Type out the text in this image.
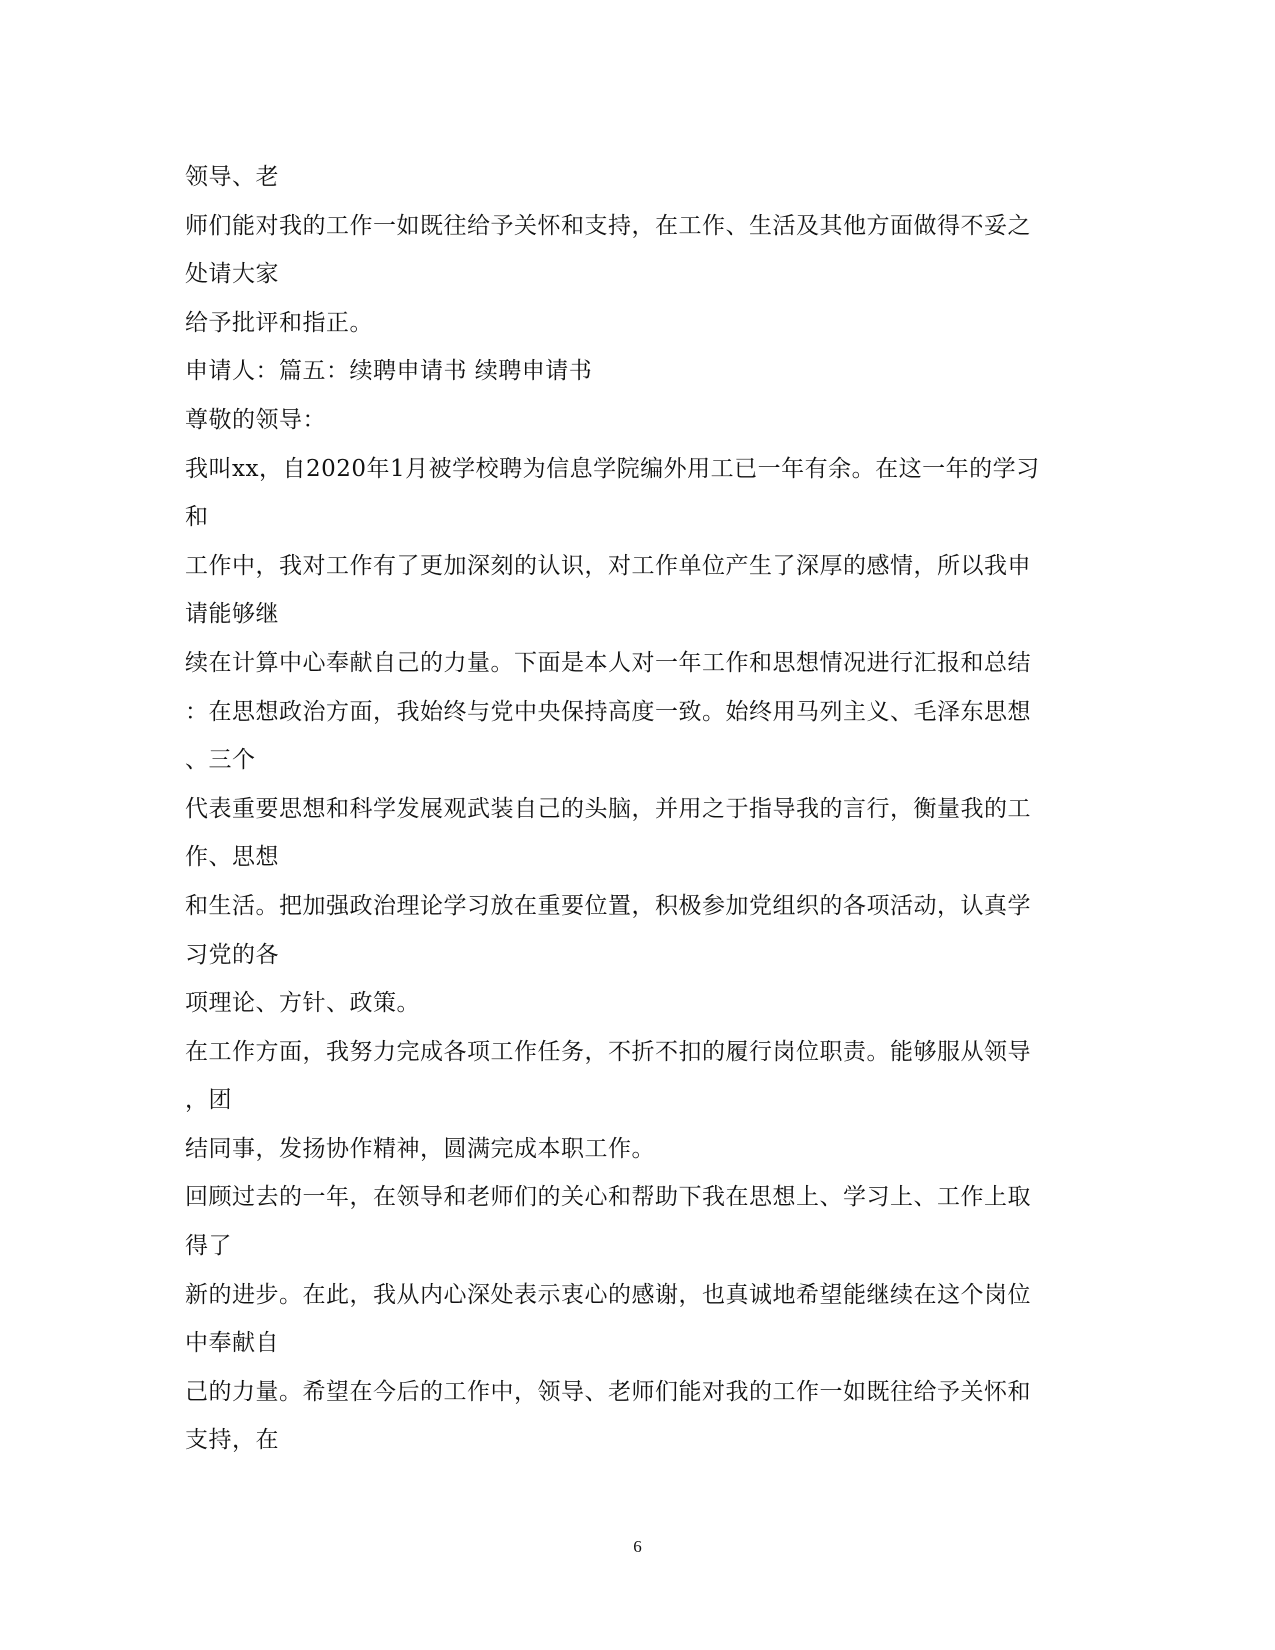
领导、老
师们能对我的工作一如既往给予关怀和支持，在工作、生活及其他方面做得不妥之
处请大家
给予批评和指正。
申请人：篇五：续聘申请书 续聘申请书
尊敬的领导：
我叫xx，自2020年1月被学校聘为信息学院编外用工已一年有余。在这一年的学习
和
工作中，我对工作有了更加深刻的认识，对工作单位产生了深厚的感情，所以我申
请能够继
续在计算中心奉献自己的力量。下面是本人对一年工作和思想情况进行汇报和总结
：在思想政治方面，我始终与党中央保持高度一致。始终用马列主义、毛泽东思想
、三个
代表重要思想和科学发展观武装自己的头脑，并用之于指导我的言行，衡量我的工
作、思想
和生活。把加强政治理论学习放在重要位置，积极参加党组织的各项活动，认真学
习党的各
项理论、方针、政策。
在工作方面，我努力完成各项工作任务，不折不扣的履行岗位职责。能够服从领导
，团
结同事，发扬协作精神，圆满完成本职工作。
回顾过去的一年，在领导和老师们的关心和帮助下我在思想上、学习上、工作上取
得了
新的进步。在此，我从内心深处表示衷心的感谢，也真诚地希望能继续在这个岗位
中奉献自
己的力量。希望在今后的工作中，领导、老师们能对我的工作一如既往给予关怀和
支持，在
6
